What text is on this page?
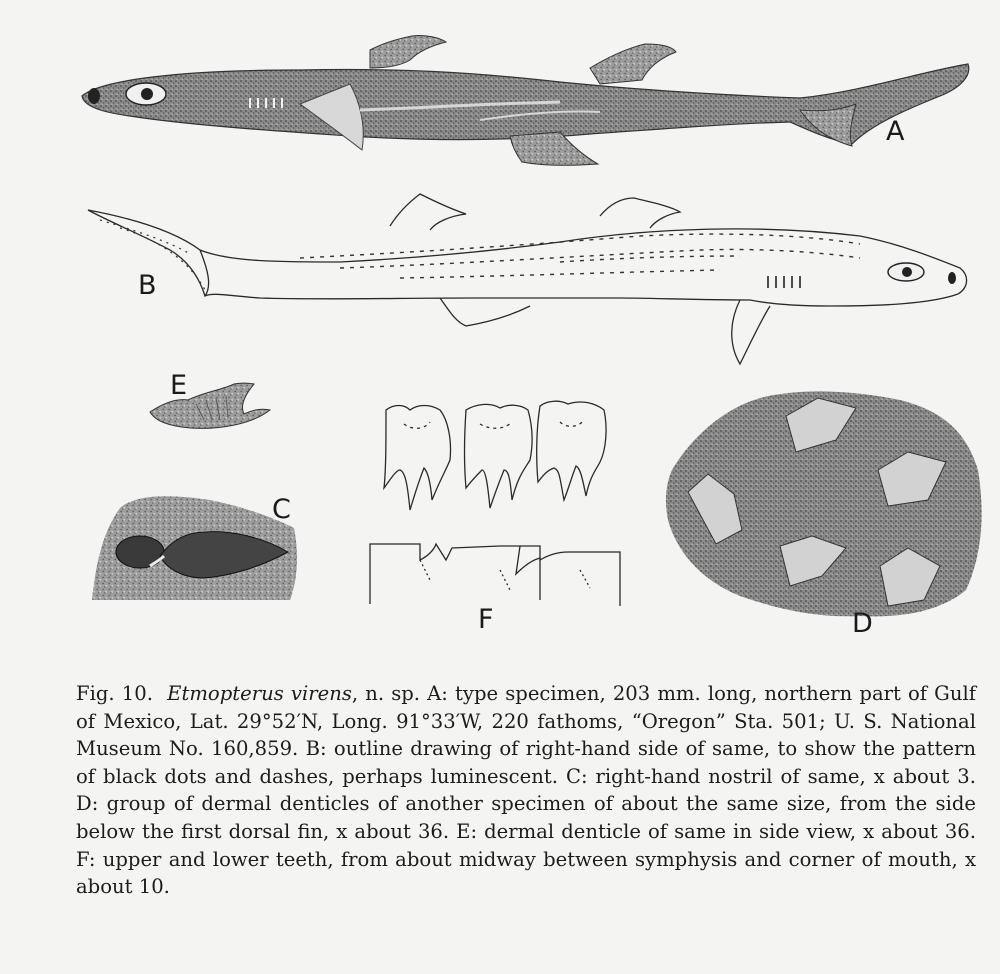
A
B
C
D
E
F

Fig. 10. Etmopterus virens, n. sp. A: type specimen, 203 mm. long, northern part of Gulf of Mexico, Lat. 29°52′N, Long. 91°33′W, 220 fathoms, “Oregon” Sta. 501; U. S. National Museum No. 160,859. B: outline drawing of right-hand side of same, to show the pattern of black dots and dashes, perhaps luminescent. C: right-hand nostril of same, x about 3. D: group of dermal denticles of another specimen of about the same size, from the side below the first dorsal fin, x about 36. E: dermal denticle of same in side view, x about 36. F: upper and lower teeth, from about midway between symphysis and corner of mouth, x about 10.
